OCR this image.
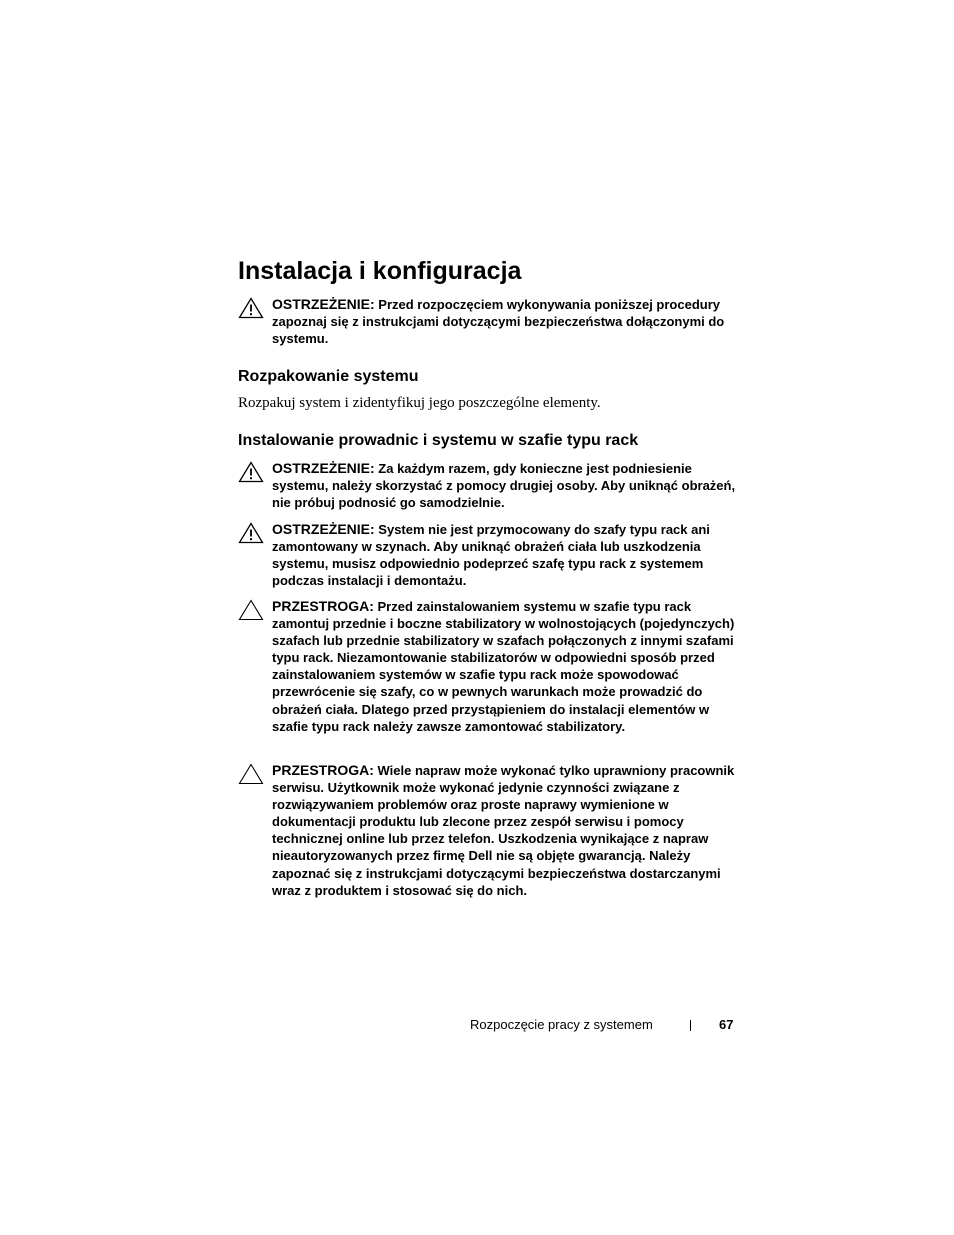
Instalacja i konfiguracja
OSTRZEŻENIE: Przed rozpoczęciem wykonywania poniższej procedury zapoznaj się z instrukcjami dotyczącymi bezpieczeństwa dołączonymi do systemu.
Rozpakowanie systemu

Rozpakuj system i zidentyfikuj jego poszczególne elementy.

Instalowanie prowadnic i systemu w szafie typu rack
OSTRZEŻENIE: Za każdym razem, gdy konieczne jest podniesienie systemu, należy skorzystać z pomocy drugiej osoby. Aby uniknąć obrażeń, nie próbuj podnosić go samodzielnie.
OSTRZEŻENIE: System nie jest przymocowany do szafy typu rack ani zamontowany w szynach. Aby uniknąć obrażeń ciała lub uszkodzenia systemu, musisz odpowiednio podeprzeć szafę typu rack z systemem podczas instalacji i demontażu.
PRZESTROGA: Przed zainstalowaniem systemu w szafie typu rack zamontuj przednie i boczne stabilizatory w wolnostojących (pojedynczych) szafach lub przednie stabilizatory w szafach połączonych z innymi szafami typu rack. Niezamontowanie stabilizatorów w odpowiedni sposób przed zainstalowaniem systemów w szafie typu rack może spowodować przewrócenie się szafy, co w pewnych warunkach może prowadzić do obrażeń ciała. Dlatego przed przystąpieniem do instalacji elementów w szafie typu rack należy zawsze zamontować stabilizatory.
PRZESTROGA: Wiele napraw może wykonać tylko uprawniony pracownik serwisu. Użytkownik może wykonać jedynie czynności związane z rozwiązywaniem problemów oraz proste naprawy wymienione w dokumentacji produktu lub zlecone przez zespół serwisu i pomocy technicznej online lub przez telefon. Uszkodzenia wynikające z napraw nieautoryzowanych przez firmę Dell nie są objęte gwarancją. Należy zapoznać się z instrukcjami dotyczącymi bezpieczeństwa dostarczanymi wraz z produktem i stosować się do nich.
Rozpoczęcie pracy z systemem	67
